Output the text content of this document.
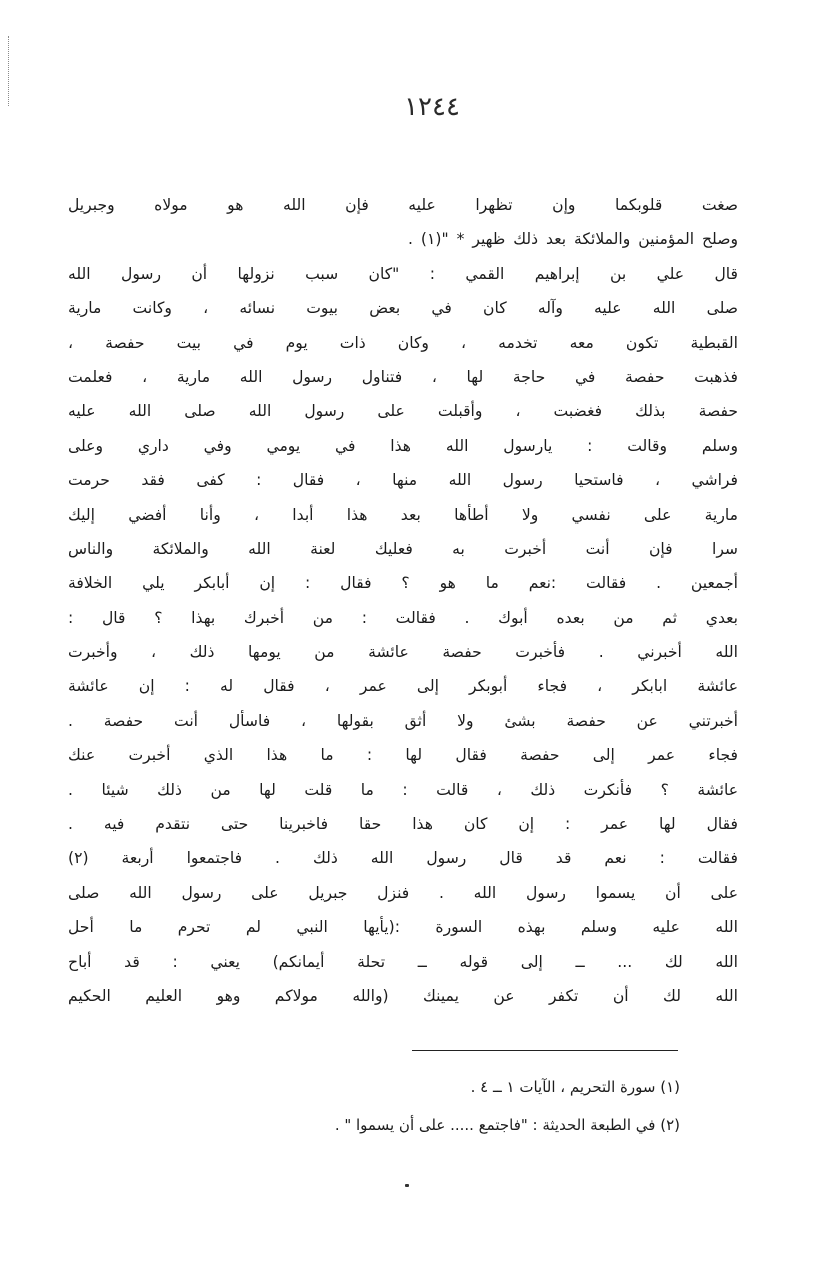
١٢٤٤
صغت قلوبكما وإن تظهرا عليه فإن الله هو مولاه وجبريل
وصلح المؤمنين والملائكة بعد ذلك ظهير * "(١) .
قال علي بن إبراهيم القمي : "كان سبب نزولها أن رسول الله
صلى الله عليه وآله كان في بعض بيوت نسائه ، وكانت مارية
القبطية تكون معه تخدمه ، وكان ذات يوم في بيت حفصة ،
فذهبت حفصة في حاجة لها ، فتناول رسول الله مارية ، فعلمت
حفصة بذلك فغضبت ، وأقبلت على رسول الله صلى الله عليه
وسلم وقالت : يارسول الله هذا في يومي وفي داري وعلى
فراشي ، فاستحيا رسول الله منها ، فقال : كفى فقد حرمت
مارية على نفسي ولا أطأها بعد هذا أبدا ، وأنا أفضي إليك
سرا فإن أنت أخبرت به فعليك لعنة الله والملائكة والناس
أجمعين . فقالت :نعم ما هو ؟ فقال : إن أبابكر يلي الخلافة
بعدي ثم من بعده أبوك . فقالت : من أخبرك بهذا ؟ قال :
الله أخبرني . فأخبرت حفصة عائشة من يومها ذلك ، وأخبرت
عائشة ابابكر ، فجاء أبوبكر إلى عمر ، فقال له : إن عائشة
أخبرتني عن حفصة بشئ ولا أثق بقولها ، فاسأل أنت حفصة .
فجاء عمر إلى حفصة فقال لها : ما هذا الذي أخبرت عنك
عائشة ؟ فأنكرت ذلك ، قالت : ما قلت لها من ذلك شيئا .
فقال لها عمر : إن كان هذا حقا فاخبرينا حتى نتقدم فيه .
فقالت : نعم قد قال رسول الله ذلك . فاجتمعوا أربعة (٢)
على أن يسموا رسول الله . فنزل جبريل على رسول الله صلى
الله عليه وسلم بهذه السورة :(يأيها النبي لم تحرم ما أحل
الله لك ... ــ إلى قوله ــ تحلة أيمانكم) يعني : قد أباح
الله لك أن تكفر عن يمينك (والله مولاكم وهو العليم الحكيم
(١) سورة التحريم ، الآيات ١ ــ ٤ .
(٢) في الطبعة الحديثة : "فاجتمع ..... على أن يسموا " .
